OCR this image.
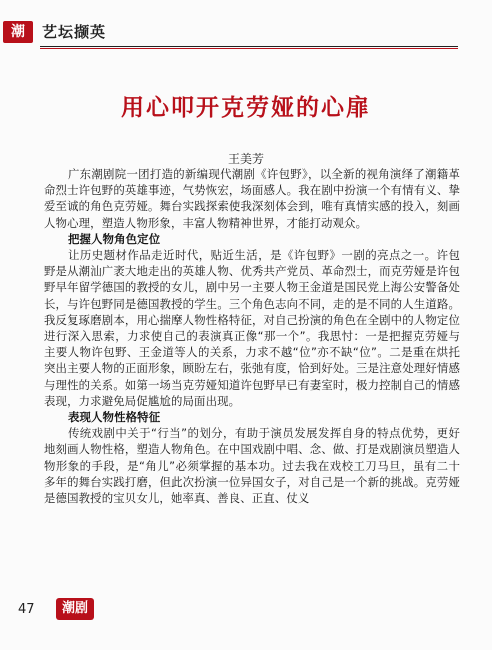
潮	艺坛撷英
用心叩开克劳娅的心扉
王美芳

广东潮剧院一团打造的新编现代潮剧《许包野》，以全新的视角演绎了潮籍革命烈士许包野的英雄事迹，气势恢宏，场面感人。我在剧中扮演一个有情有义、挚爱至诚的角色克劳娅。舞台实践探索使我深刻体会到，唯有真情实感的投入，刻画人物心理，塑造人物形象，丰富人物精神世界，才能打动观众。

把握人物角色定位

让历史题材作品走近时代，贴近生活，是《许包野》一剧的亮点之一。许包野是从潮汕广袤大地走出的英雄人物、优秀共产党员、革命烈士，而克劳娅是许包野早年留学德国的教授的女儿，剧中另一主要人物王金道是国民党上海公安警备处长，与许包野同是德国教授的学生。三个角色志向不同，走的是不同的人生道路。我反复琢磨剧本，用心揣摩人物性格特征，对自己扮演的角色在全剧中的人物定位进行深入思索，力求使自己的表演真正像“那一个”。我思忖：一是把握克劳娅与主要人物许包野、王金道等人的关系，力求不越“位”亦不缺“位”。二是重在烘托突出主要人物的正面形象，顾盼左右，张弛有度，恰到好处。三是注意处理好情感与理性的关系。如第一场当克劳娅知道许包野早已有妻室时，极力控制自己的情感表现，力求避免局促尴尬的局面出现。

表现人物性格特征

传统戏剧中关于“行当”的划分，有助于演员发展发挥自身的特点优势，更好地刻画人物性格，塑造人物角色。在中国戏剧中唱、念、做、打是戏剧演员塑造人物形象的手段，是“角儿”必须掌握的基本功。过去我在戏校工刀马旦，虽有二十多年的舞台实践打磨，但此次扮演一位异国女子，对自己是一个新的挑战。克劳娅是德国教授的宝贝女儿，她率真、善良、正直、仗义

47	潮剧
